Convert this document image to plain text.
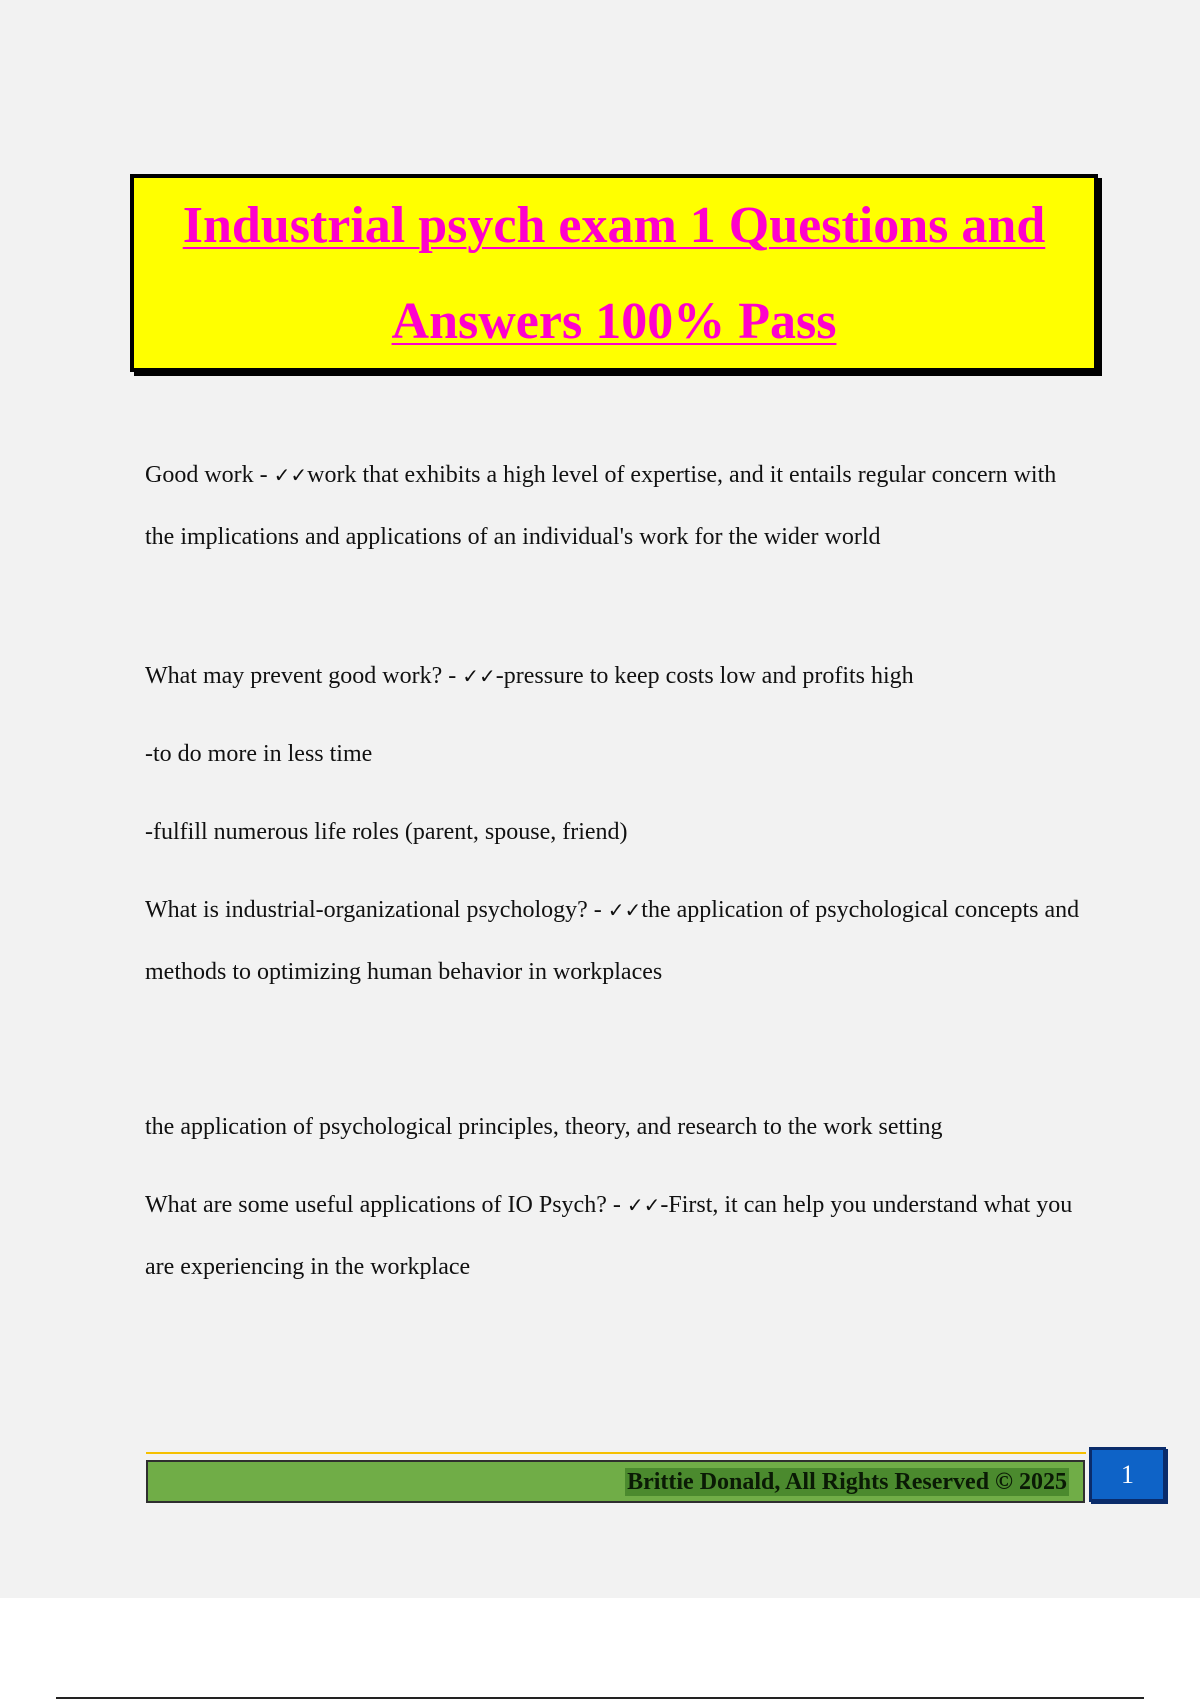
Industrial psych exam 1 Questions and

Answers 100% Pass

Good work - ✓✓work that exhibits a high level of expertise, and it entails regular concern with the implications and applications of an individual's work for the wider world

What may prevent good work? - ✓✓-pressure to keep costs low and profits high

-to do more in less time

-fulfill numerous life roles (parent, spouse, friend)

What is industrial-organizational psychology? - ✓✓the application of psychological concepts and methods to optimizing human behavior in workplaces

the application of psychological principles, theory, and research to the work setting

What are some useful applications of IO Psych? - ✓✓-First, it can help you understand what you are experiencing in the workplace

Brittie Donald, All Rights Reserved © 2025	1
